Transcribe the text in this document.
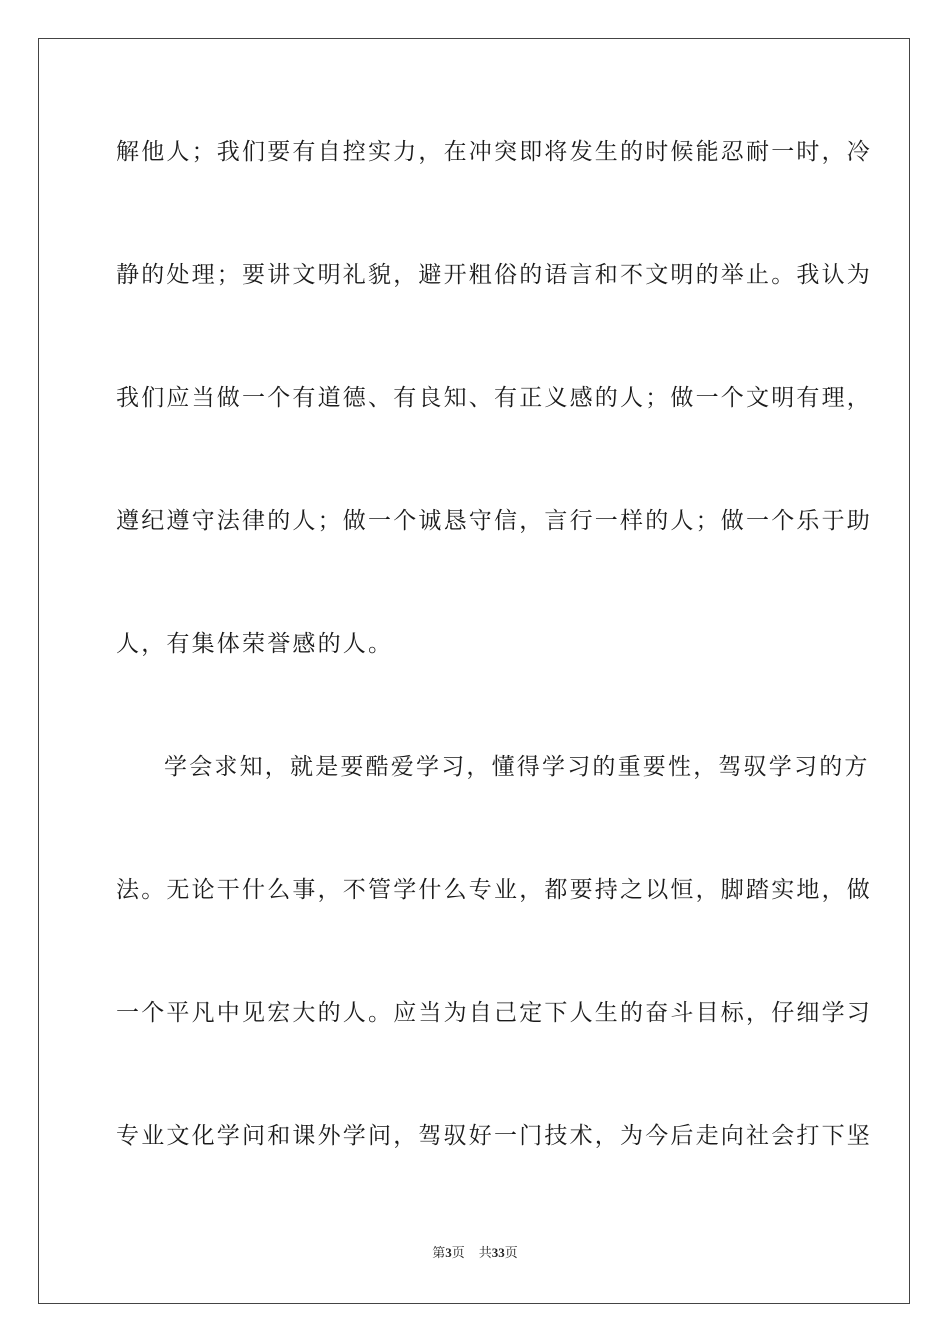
解他人；我们要有自控实力，在冲突即将发生的时候能忍耐一时，冷
静的处理；要讲文明礼貌，避开粗俗的语言和不文明的举止。我认为
我们应当做一个有道德、有良知、有正义感的人；做一个文明有理，
遵纪遵守法律的人；做一个诚恳守信，言行一样的人；做一个乐于助
人，有集体荣誉感的人。
学会求知，就是要酷爱学习，懂得学习的重要性，驾驭学习的方
法。无论干什么事，不管学什么专业，都要持之以恒，脚踏实地，做
一个平凡中见宏大的人。应当为自己定下人生的奋斗目标，仔细学习
专业文化学问和课外学问，驾驭好一门技术，为今后走向社会打下坚
第3页 共33页
